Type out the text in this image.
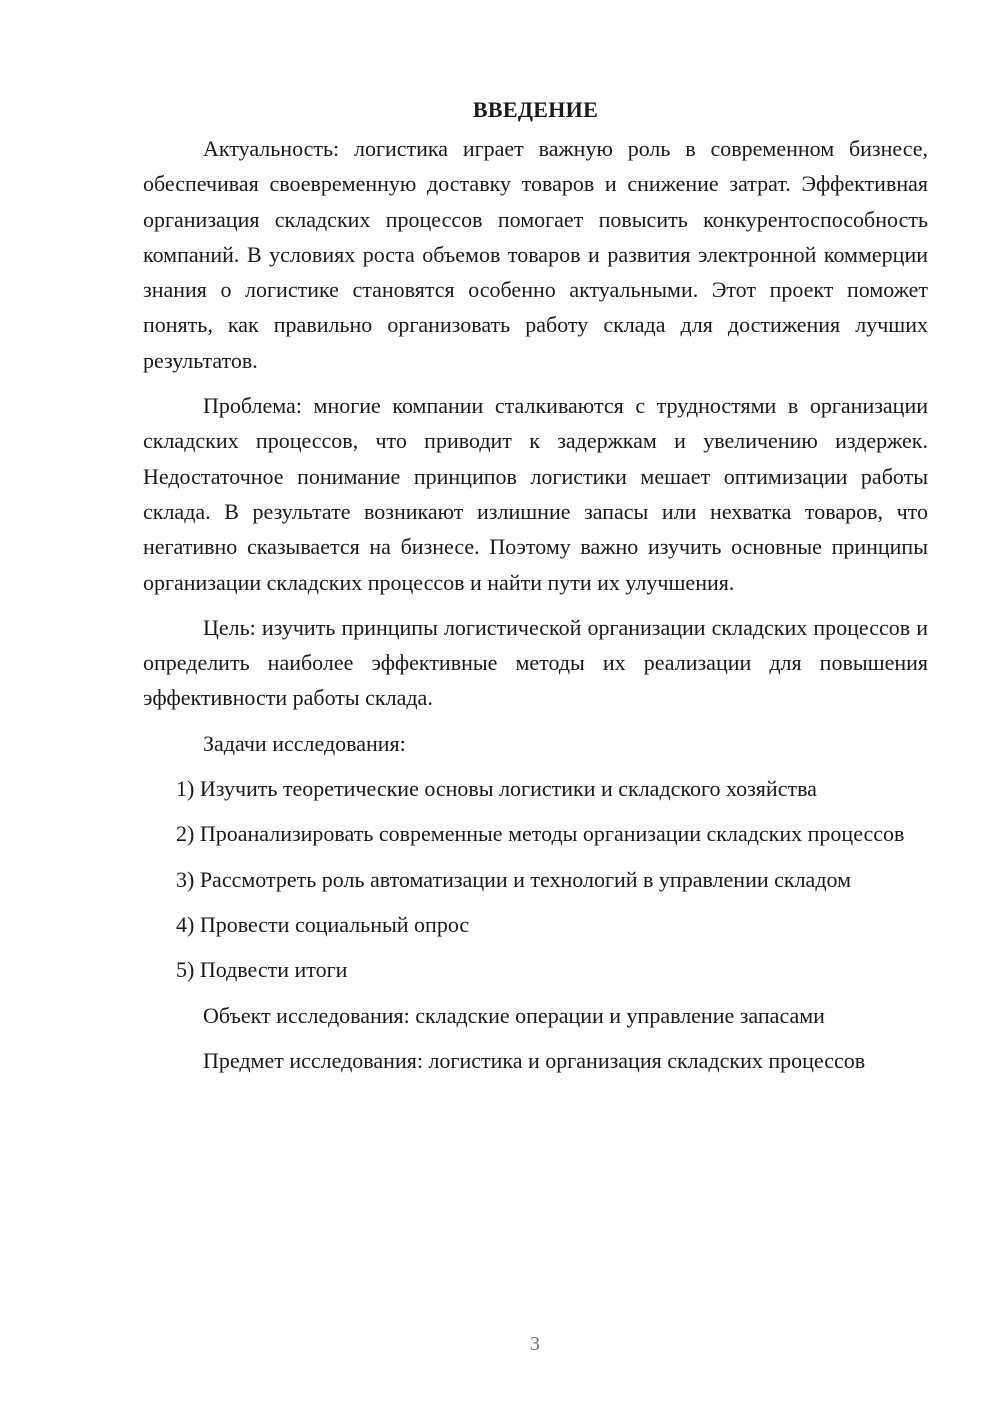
ВВЕДЕНИЕ

Актуальность: логистика играет важную роль в современном бизнесе, обеспечивая своевременную доставку товаров и снижение затрат. Эффективная организация складских процессов помогает повысить конкурентоспособность компаний. В условиях роста объемов товаров и развития электронной коммерции знания о логистике становятся особенно актуальными. Этот проект поможет понять, как правильно организовать работу склада для достижения лучших результатов.

Проблема: многие компании сталкиваются с трудностями в организации складских процессов, что приводит к задержкам и увеличению издержек. Недостаточное понимание принципов логистики мешает оптимизации работы склада. В результате возникают излишние запасы или нехватка товаров, что негативно сказывается на бизнесе. Поэтому важно изучить основные принципы организации складских процессов и найти пути их улучшения.

Цель: изучить принципы логистической организации складских процессов и определить наиболее эффективные методы их реализации для повышения эффективности работы склада.

Задачи исследования:

1) Изучить теоретические основы логистики и складского хозяйства

2) Проанализировать современные методы организации складских процессов

3) Рассмотреть роль автоматизации и технологий в управлении складом

4) Провести социальный опрос

5) Подвести итоги

Объект исследования: складские операции и управление запасами

Предмет исследования: логистика и организация складских процессов

3
